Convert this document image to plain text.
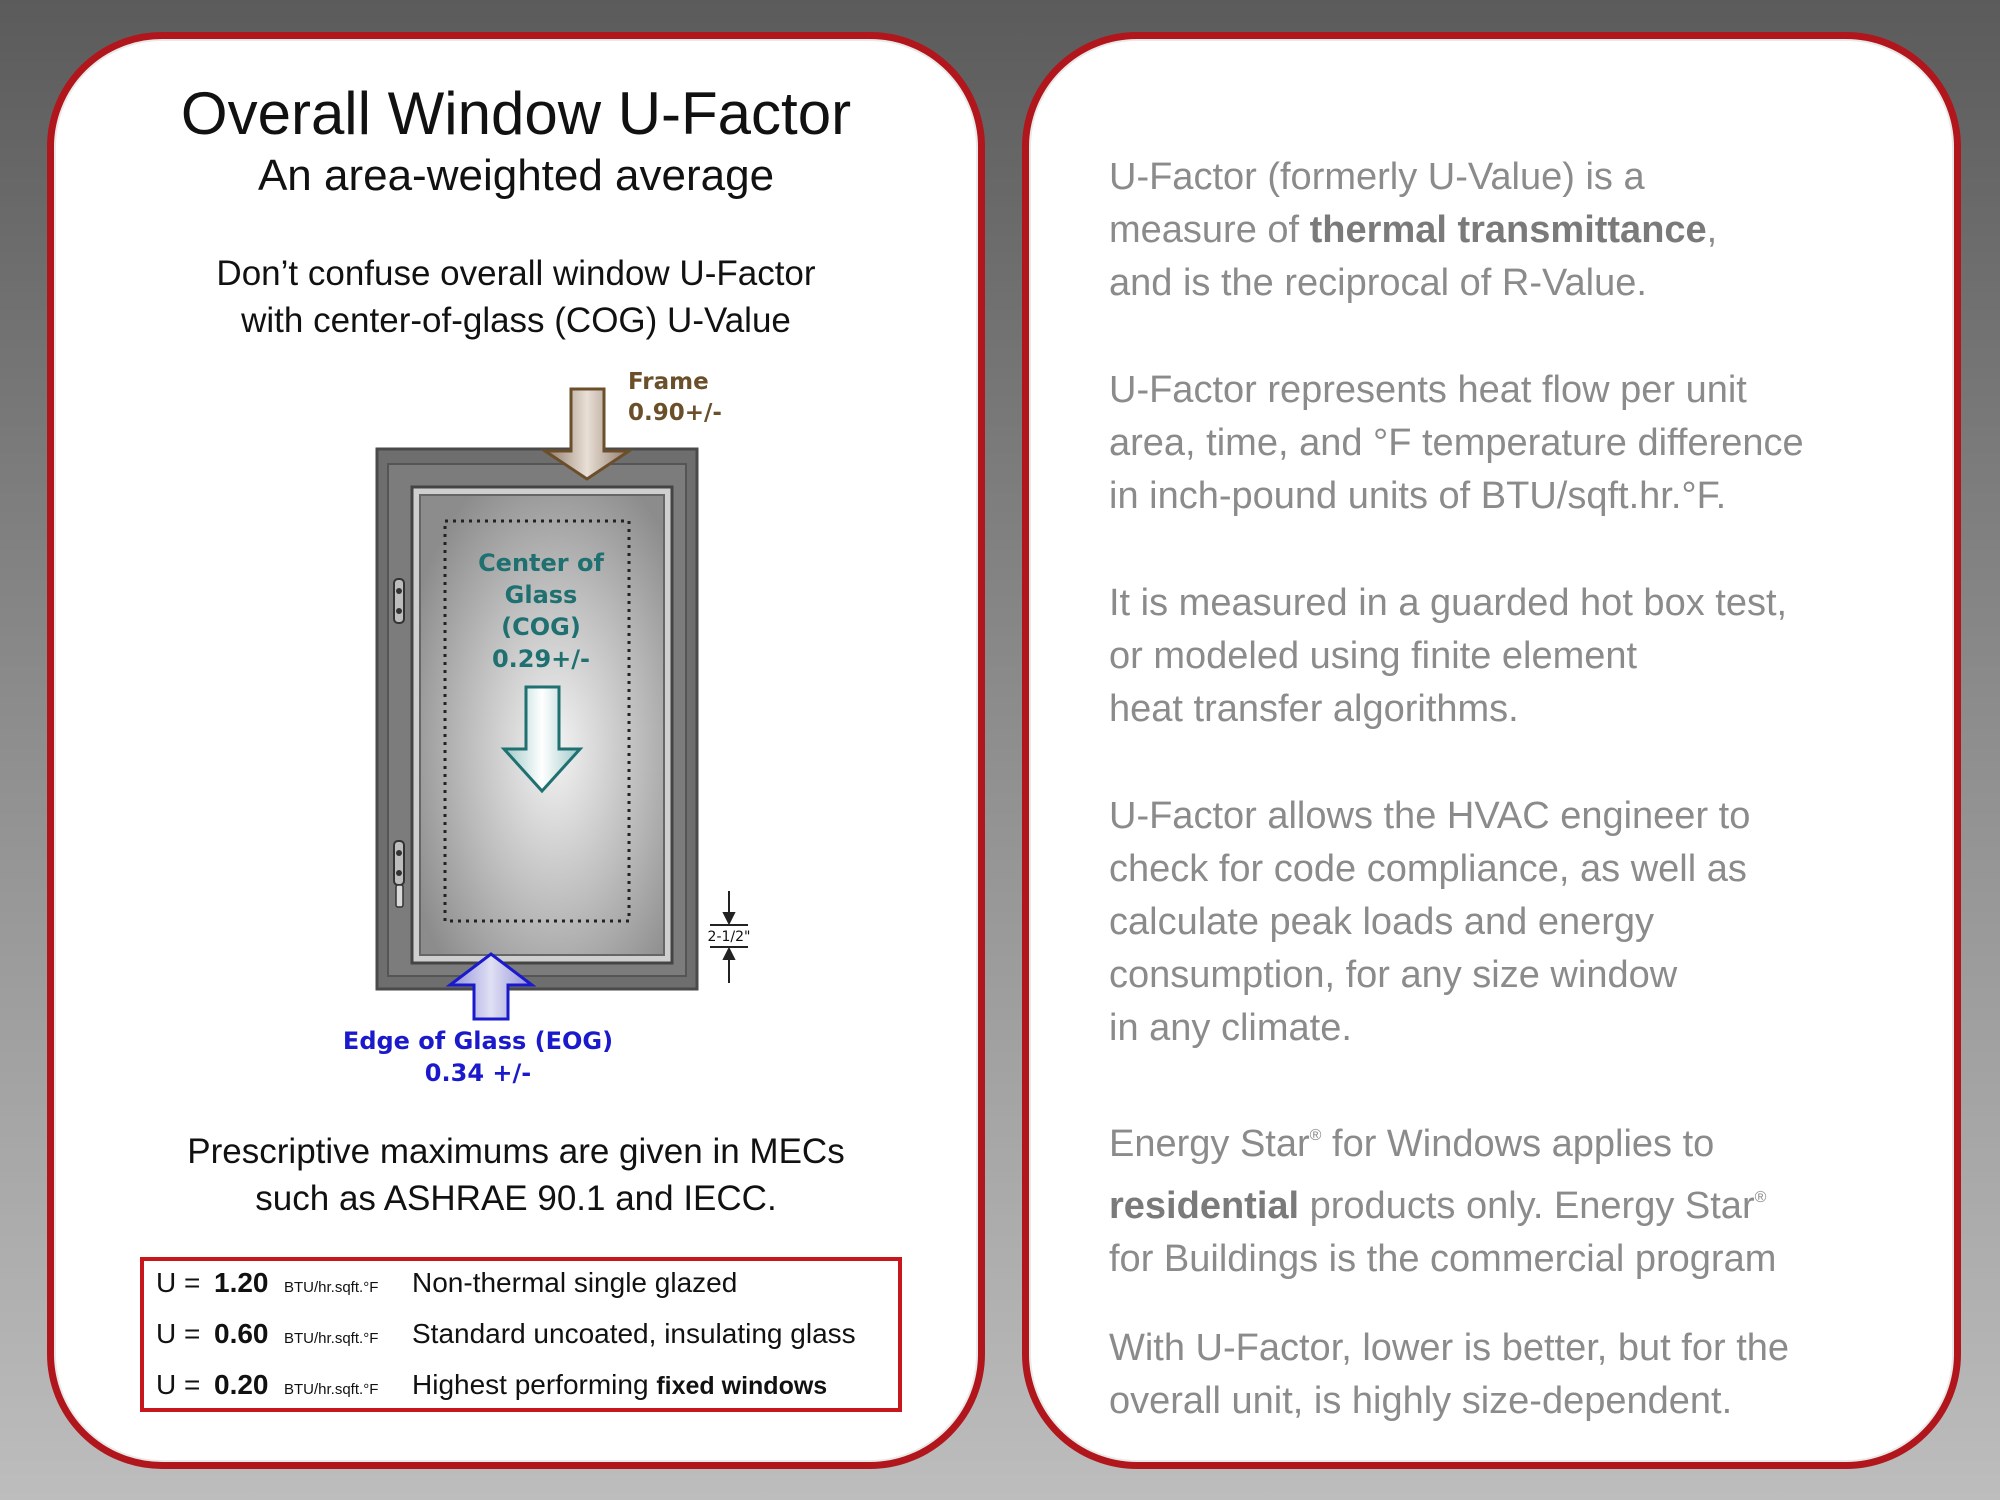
Overall Window U-Factor
An area-weighted average
Don’t confuse overall window U-Factor
with center-of-glass (COG) U-Value
Frame
0.90+/-
Center of
Glass
(COG)
0.29+/-
Edge of Glass (EOG)
0.34 +/-
2-1/2"
Prescriptive maximums are given in MECs
such as ASHRAE 90.1 and IECC.
U = 1.20 BTU/hr.sqft.°F Non-thermal single glazed
U = 0.60 BTU/hr.sqft.°F Standard uncoated, insulating glass
U = 0.20 BTU/hr.sqft.°F Highest performing fixed windows
U-Factor (formerly U-Value) is a
measure of thermal transmittance,
and is the reciprocal of R-Value.
U-Factor represents heat flow per unit
area, time, and °F temperature difference
in inch-pound units of BTU/sqft.hr.°F.
It is measured in a guarded hot box test,
or modeled using finite element
heat transfer algorithms.
U-Factor allows the HVAC engineer to
check for code compliance, as well as
calculate peak loads and energy
consumption, for any size window
in any climate.
Energy Star® for Windows applies to
residential products only. Energy Star®
for Buildings is the commercial program
With U-Factor, lower is better, but for the
overall unit, is highly size-dependent.
